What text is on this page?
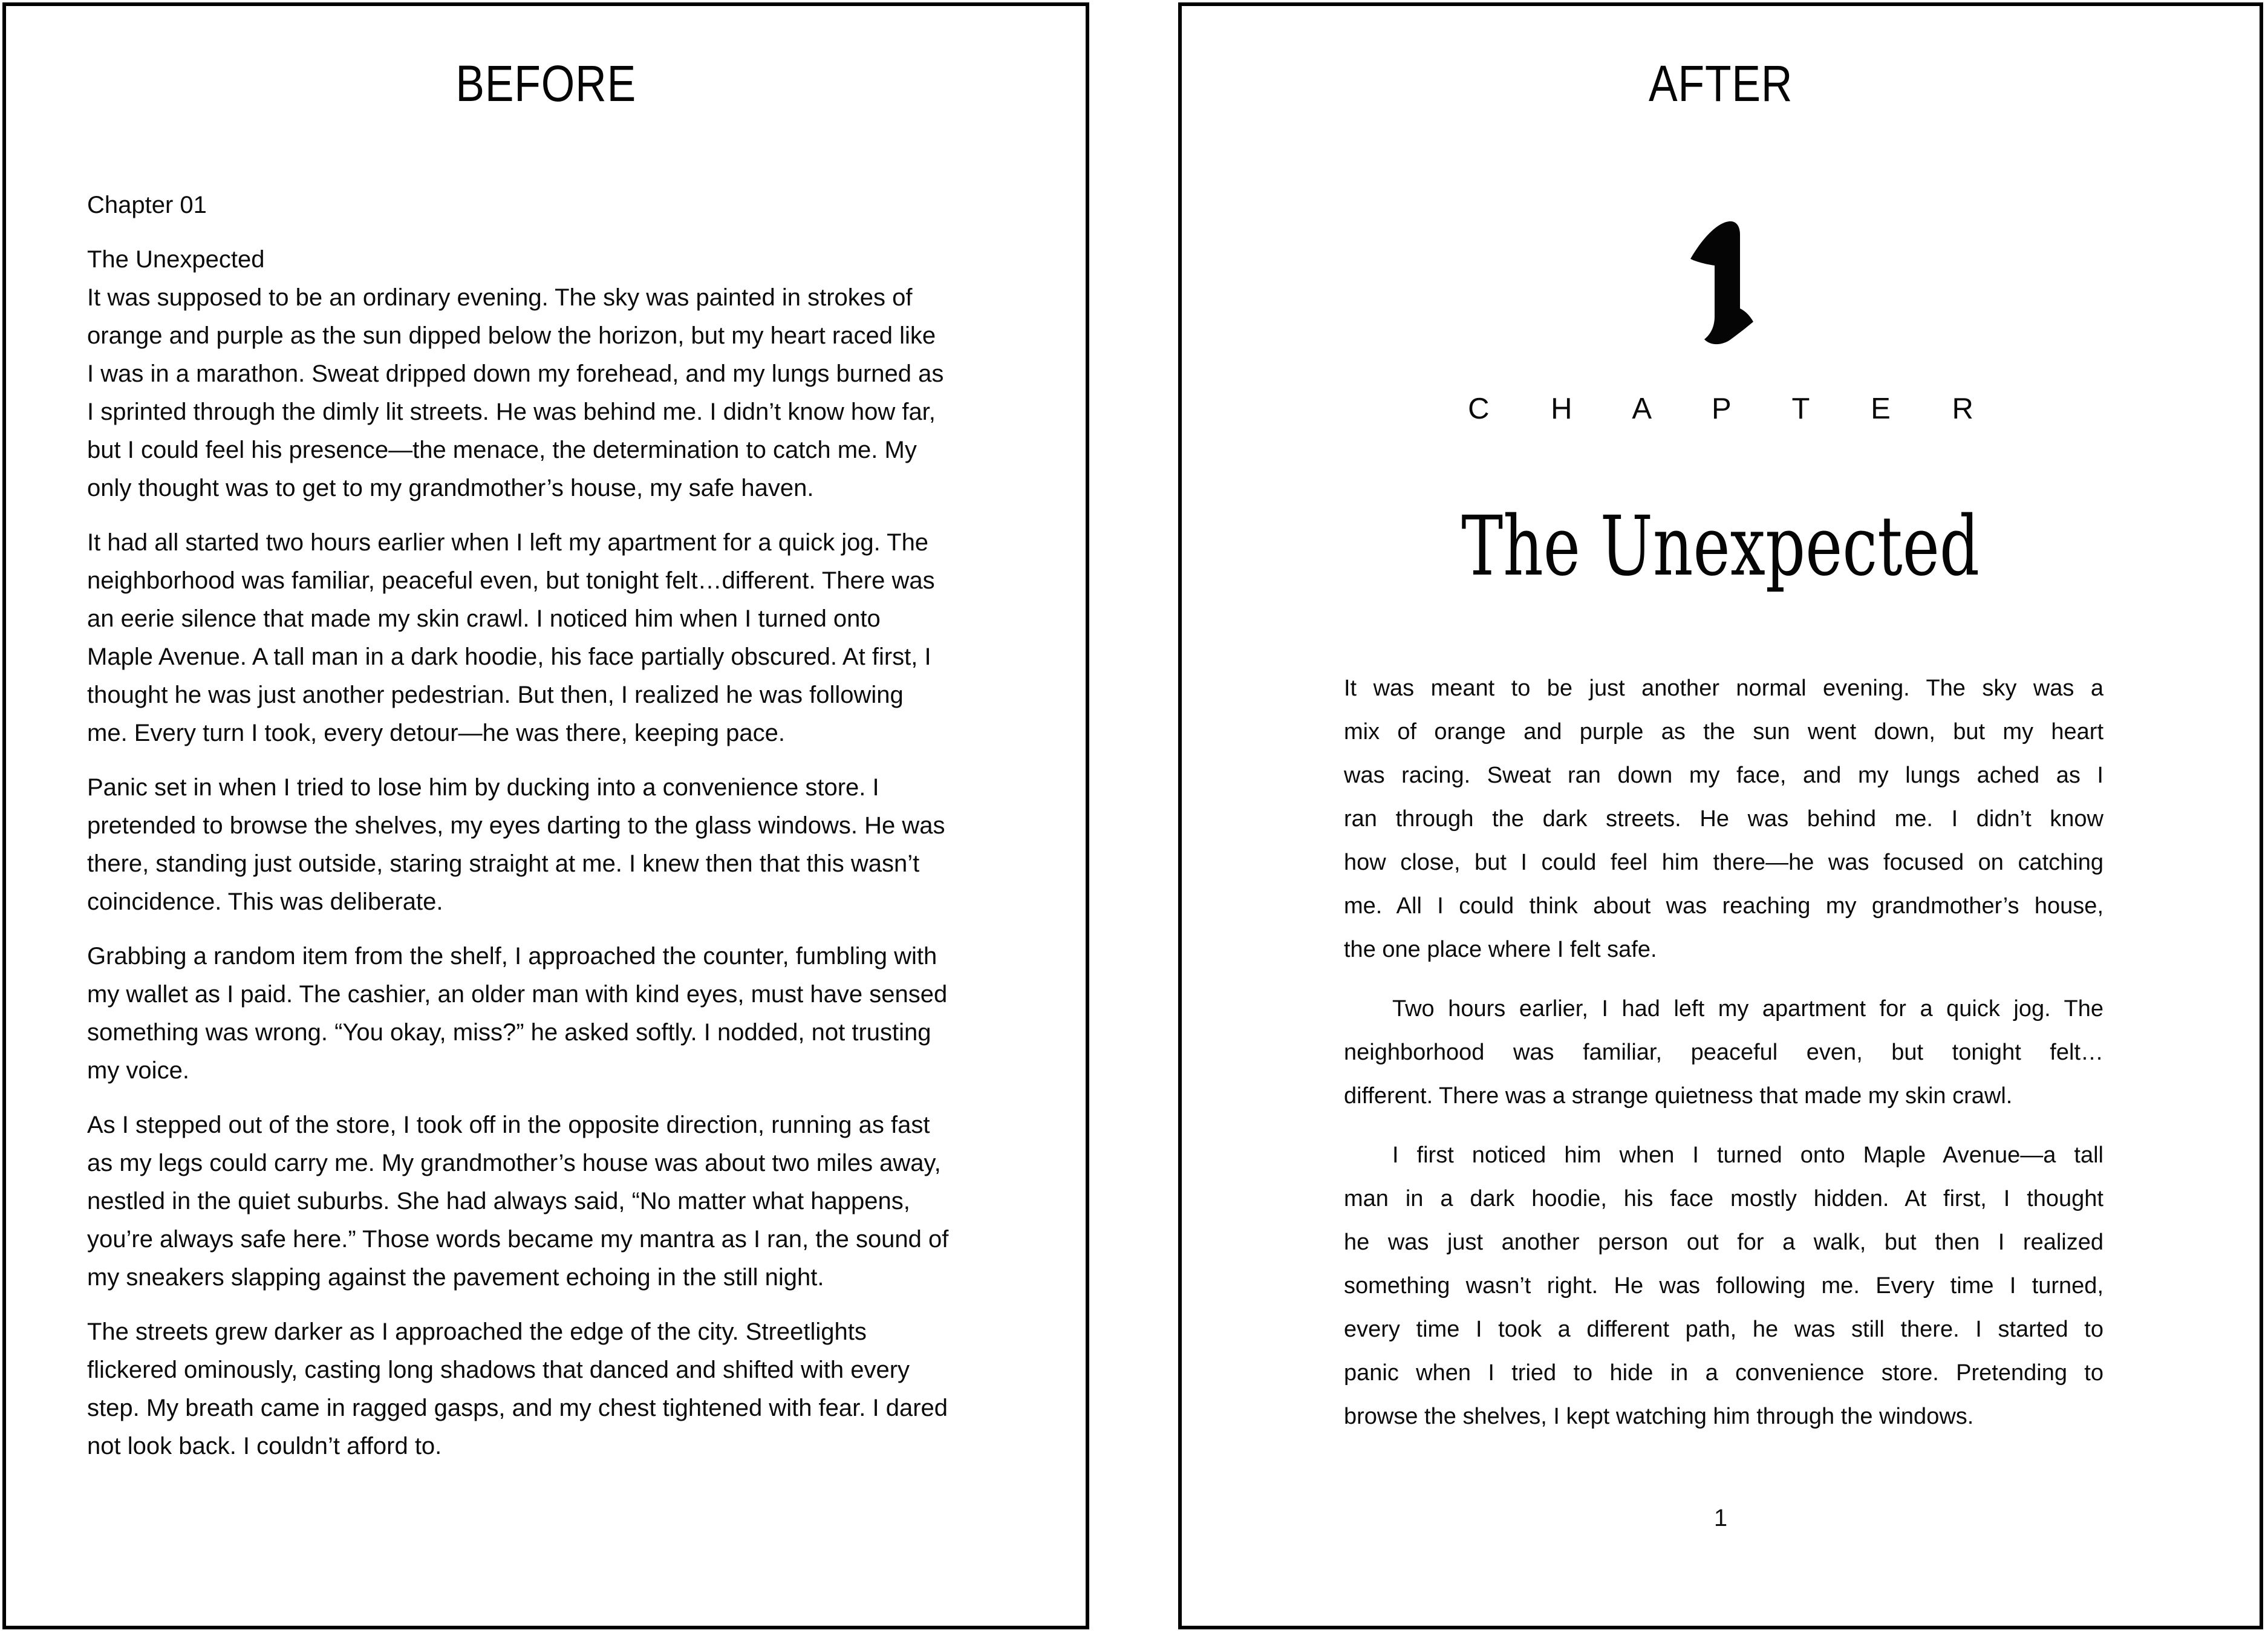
BEFORE
Chapter 01
The Unexpected
It was supposed to be an ordinary evening. The sky was painted in strokes of
orange and purple as the sun dipped below the horizon, but my heart raced like
I was in a marathon. Sweat dripped down my forehead, and my lungs burned as
I sprinted through the dimly lit streets. He was behind me. I didn’t know how far,
but I could feel his presence—the menace, the determination to catch me. My
only thought was to get to my grandmother’s house, my safe haven.
It had all started two hours earlier when I left my apartment for a quick jog. The
neighborhood was familiar, peaceful even, but tonight felt…different. There was
an eerie silence that made my skin crawl. I noticed him when I turned onto
Maple Avenue. A tall man in a dark hoodie, his face partially obscured. At first, I
thought he was just another pedestrian. But then, I realized he was following
me. Every turn I took, every detour—he was there, keeping pace.
Panic set in when I tried to lose him by ducking into a convenience store. I
pretended to browse the shelves, my eyes darting to the glass windows. He was
there, standing just outside, staring straight at me. I knew then that this wasn’t
coincidence. This was deliberate.
Grabbing a random item from the shelf, I approached the counter, fumbling with
my wallet as I paid. The cashier, an older man with kind eyes, must have sensed
something was wrong. “You okay, miss?” he asked softly. I nodded, not trusting
my voice.
As I stepped out of the store, I took off in the opposite direction, running as fast
as my legs could carry me. My grandmother’s house was about two miles away,
nestled in the quiet suburbs. She had always said, “No matter what happens,
you’re always safe here.” Those words became my mantra as I ran, the sound of
my sneakers slapping against the pavement echoing in the still night.
The streets grew darker as I approached the edge of the city. Streetlights
flickered ominously, casting long shadows that danced and shifted with every
step. My breath came in ragged gasps, and my chest tightened with fear. I dared
not look back. I couldn’t afford to.
AFTER
C H A P T E R
The Unexpected
It was meant to be just another normal evening. The sky was a
mix of orange and purple as the sun went down, but my heart
was racing. Sweat ran down my face, and my lungs ached as I
ran through the dark streets. He was behind me. I didn’t know
how close, but I could feel him there—he was focused on catching
me. All I could think about was reaching my grandmother’s house,
the one place where I felt safe.
Two hours earlier, I had left my apartment for a quick jog. The
neighborhood was familiar, peaceful even, but tonight felt…
different. There was a strange quietness that made my skin crawl.
I first noticed him when I turned onto Maple Avenue—a tall
man in a dark hoodie, his face mostly hidden. At first, I thought
he was just another person out for a walk, but then I realized
something wasn’t right. He was following me. Every time I turned,
every time I took a different path, he was still there. I started to
panic when I tried to hide in a convenience store. Pretending to
browse the shelves, I kept watching him through the windows.
1
